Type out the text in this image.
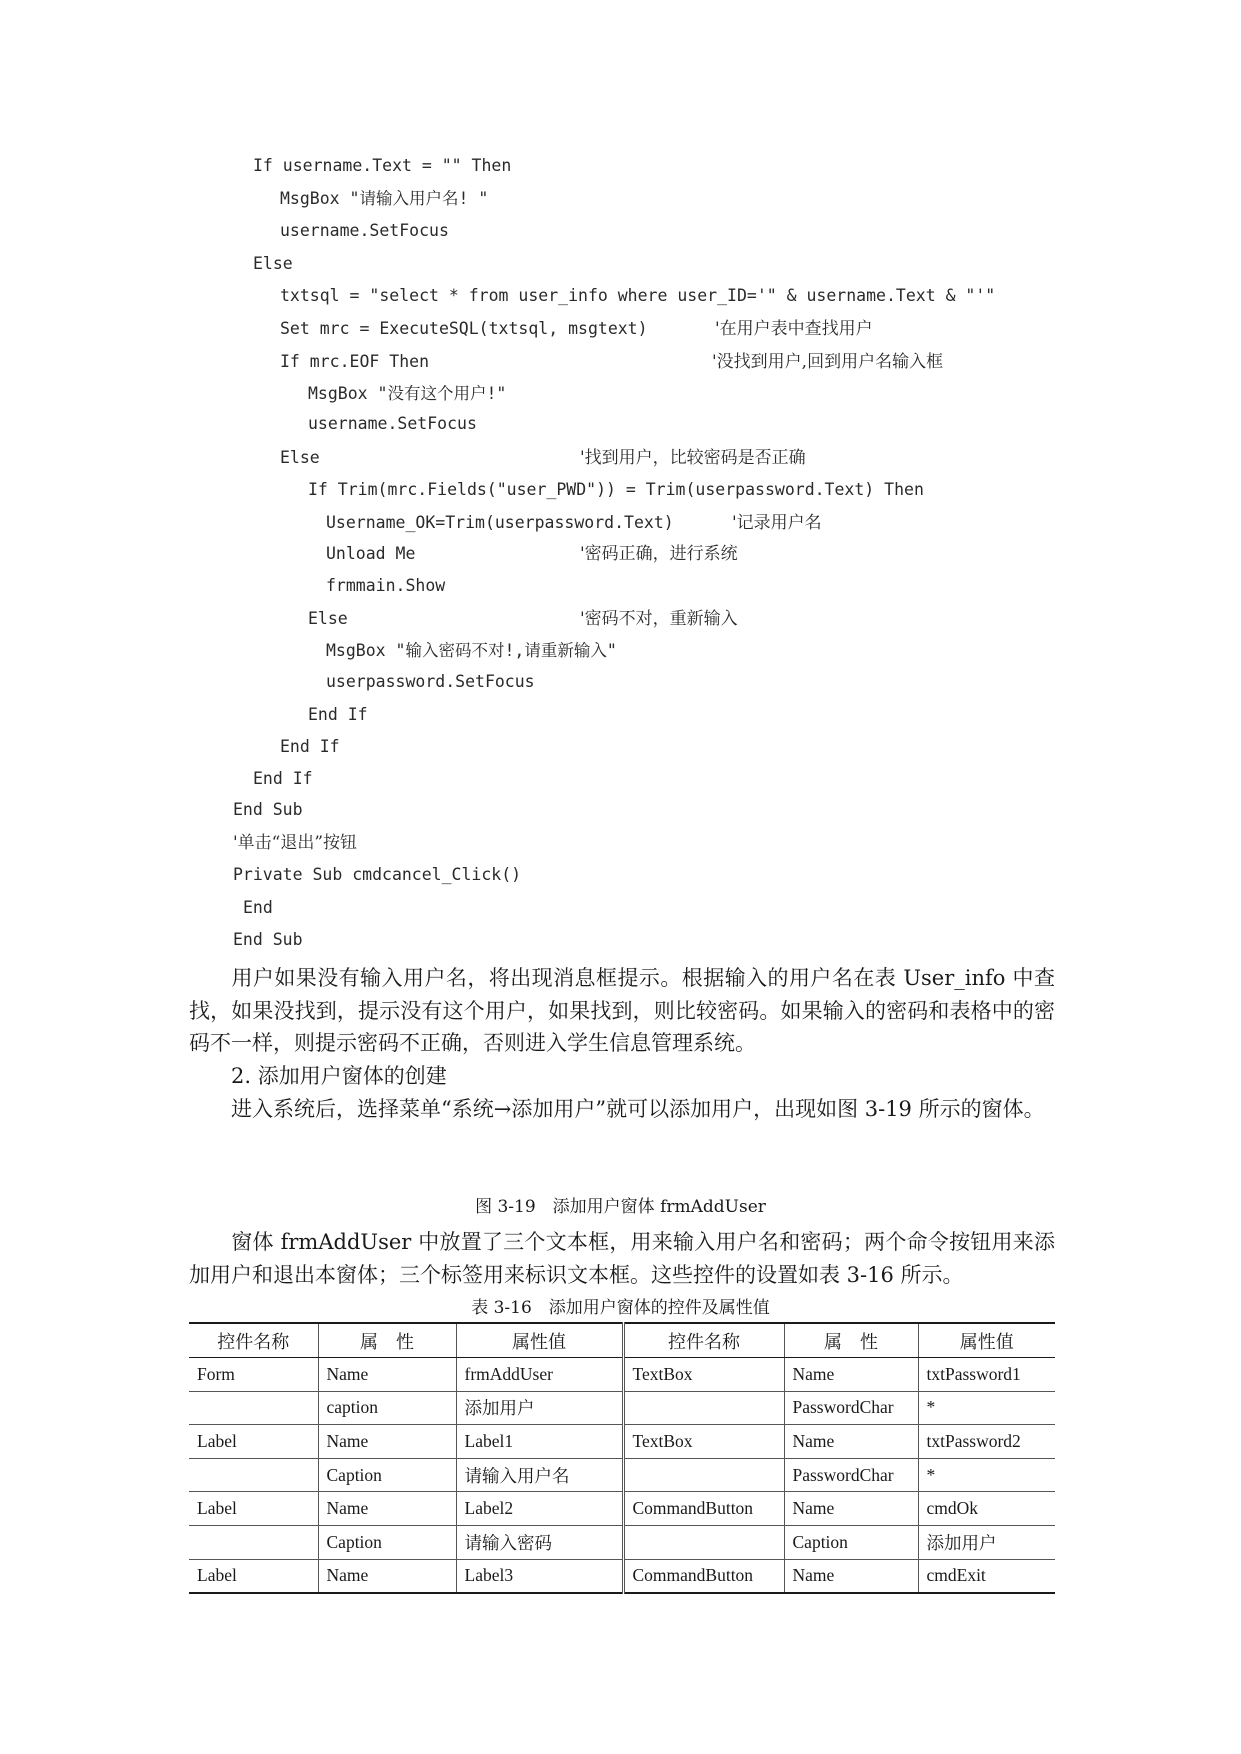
If username.Text = "" Then
MsgBox "请输入用户名! "
username.SetFocus
Else
txtsql = "select * from user_info where user_ID='" & username.Text & "'"
Set mrc = ExecuteSQL(txtsql, msgtext)	'在用户表中查找用户
If mrc.EOF Then	'没找到用户,回到用户名输入框
MsgBox "没有这个用户!"
username.SetFocus
Else	'找到用户，比较密码是否正确
If Trim(mrc.Fields("user_PWD")) = Trim(userpassword.Text) Then
Username_OK=Trim(userpassword.Text)	'记录用户名
Unload Me	'密码正确，进行系统
frmmain.Show
Else	'密码不对，重新输入
MsgBox "输入密码不对!,请重新输入"
userpassword.SetFocus
End If
End If
End If
End Sub
'单击“退出”按钮
Private Sub cmdcancel_Click()
End
End Sub

用户如果没有输入用户名，将出现消息框提示。根据输入的用户名在表 User_info 中查找，如果没找到，提示没有这个用户，如果找到，则比较密码。如果输入的密码和表格中的密码不一样，则提示密码不正确，否则进入学生信息管理系统。

2. 添加用户窗体的创建

进入系统后，选择菜单“系统→添加用户”就可以添加用户，出现如图 3-19 所示的窗体。

图 3-19　添加用户窗体 frmAddUser

窗体 frmAddUser 中放置了三个文本框，用来输入用户名和密码；两个命令按钮用来添加用户和退出本窗体；三个标签用来标识文本框。这些控件的设置如表 3-16 所示。

表 3-16　添加用户窗体的控件及属性值
控件名称	属　性	属性值	控件名称	属　性	属性值
Form	Name	frmAddUser	TextBox	Name	txtPassword1
	caption	添加用户		PasswordChar	*
Label	Name	Label1	TextBox	Name	txtPassword2
	Caption	请输入用户名		PasswordChar	*
Label	Name	Label2	CommandButton	Name	cmdOk
	Caption	请输入密码		Caption	添加用户
Label	Name	Label3	CommandButton	Name	cmdExit
